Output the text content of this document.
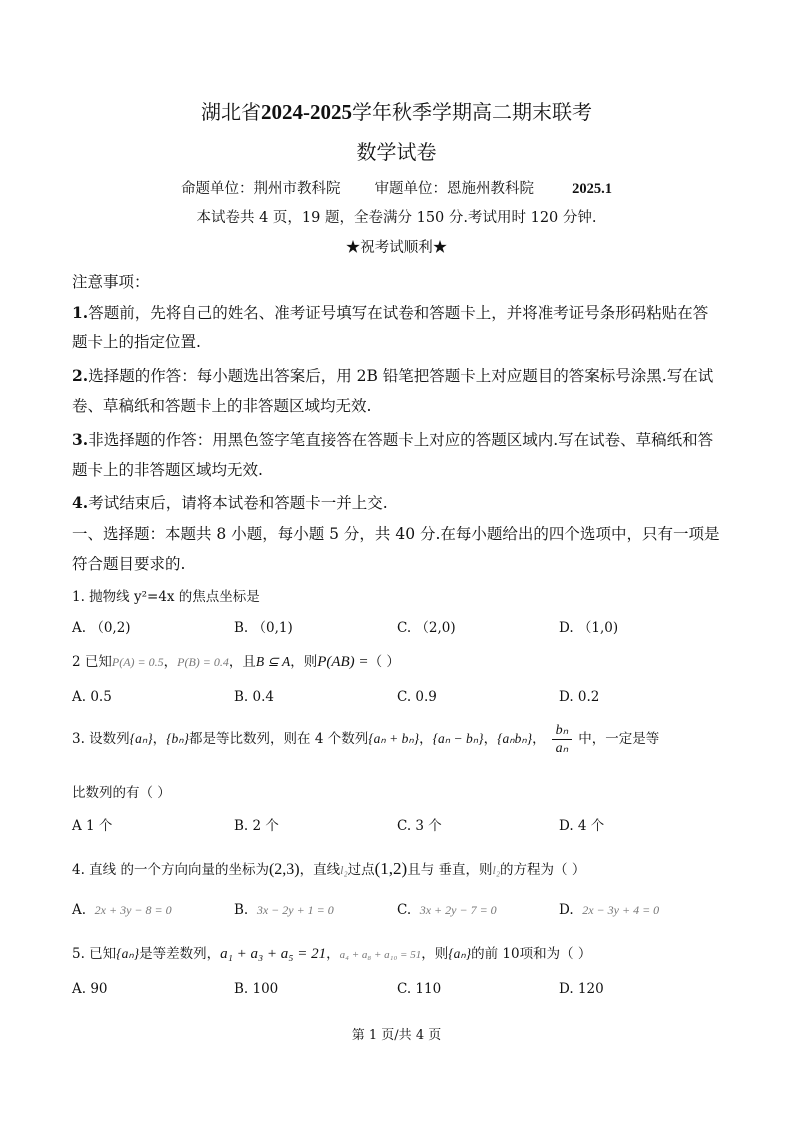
湖北省2024-2025学年秋季学期高二期末联考
数学试卷
命题单位：荆州市教科院 审题单位：恩施州教科院	2025.1
本试卷共 4 页，19 题，全卷满分 150 分.考试用时 120 分钟.
★祝考试顺利★
注意事项：
1.答题前，先将自己的姓名、准考证号填写在试卷和答题卡上，并将准考证号条形码粘贴在答
题卡上的指定位置.
2.选择题的作答：每小题选出答案后，用 2B 铅笔把答题卡上对应题目的答案标号涂黑.写在试
卷、草稿纸和答题卡上的非答题区域均无效.
3.非选择题的作答：用黑色签字笔直接答在答题卡上对应的答题区域内.写在试卷、草稿纸和答
题卡上的非答题区域均无效.
4.考试结束后，请将本试卷和答题卡一并上交.
一、选择题：本题共 8 小题，每小题 5 分，共 40 分.在每小题给出的四个选项中，只有一项是
符合题目要求的.
1. 抛物线 y²=4x 的焦点坐标是
A. （0,2)	B. （0,1)	C. （2,0)	D. （1,0)
2 已知P(A) = 0.5，P(B) = 0.4，且B ⊆ A，则P(AB) =（ ）
A. 0.5	B. 0.4	C. 0.9	D. 0.2
3. 设数列{aₙ}，{bₙ}都是等比数列，则在 4 个数列{aₙ + bₙ}，{aₙ − bₙ}，{aₙbₙ}， $\frac{\text{bₙ}}{\text{aₙ}}$ 中，一定是等
比数列的有（ ）
A 1 个	B. 2 个	C. 3 个	D. 4 个
4. 直线 的一个方向向量的坐标为(2,3)，直线l₂过点(1,2)且与 垂直，则l₂的方程为（ ）
A. 2x + 3y − 8 = 0	B. 3x − 2y + 1 = 0	C. 3x + 2y − 7 = 0	D. 2x − 3y + 4 = 0
5. 已知{aₙ}是等差数列，a₁ + a₃ + a₅ = 21，a₄ + a₈ + a₁₀ = 51，则{aₙ}的前 10项和为（ ）
A. 90	B. 100	C. 110	D. 120
第 1 页/共 4 页
